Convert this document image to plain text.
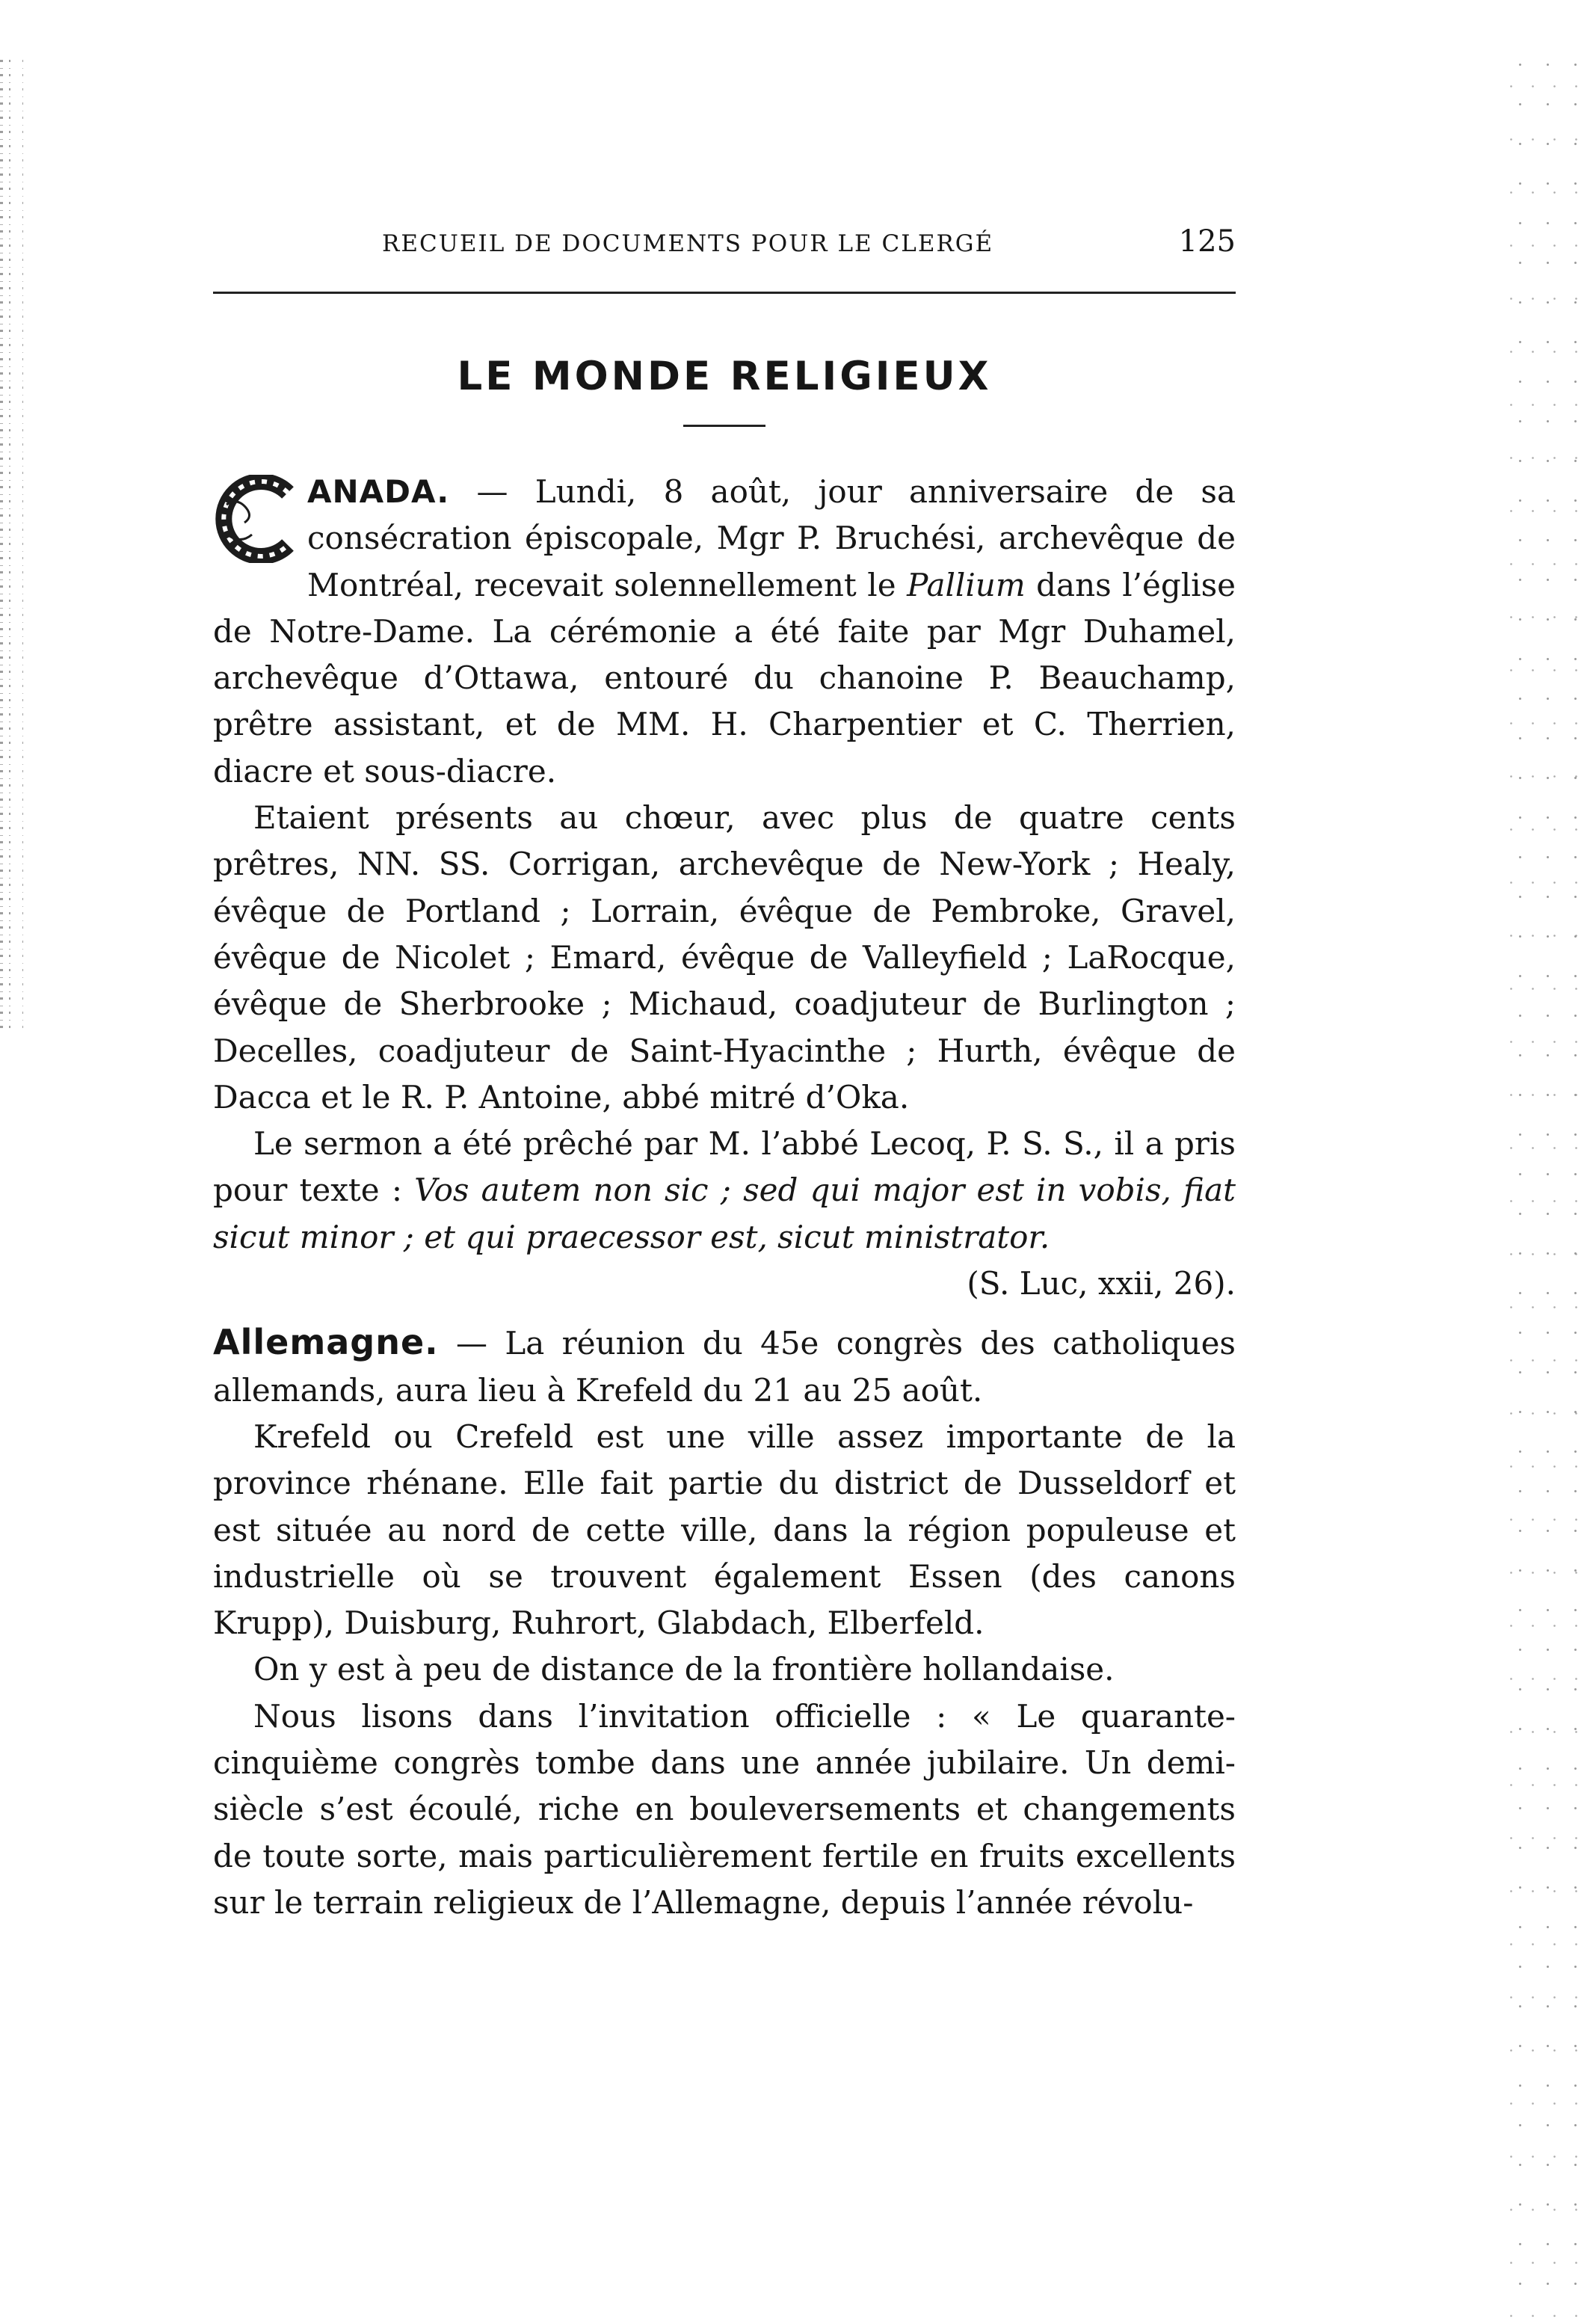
RECUEIL DE DOCUMENTS POUR LE CLERGÉ	125
LE MONDE RELIGIEUX

C	ANADA. — Lundi, 8 août, jour anniversaire de sa consécration épiscopale, Mgr P. Bruchési, archevêque de Montréal, recevait solennellement le Pallium dans l’église de Notre-Dame. La cérémonie a été faite par Mgr Duhamel, archevêque d’Ottawa, entouré du chanoine P. Beauchamp, prêtre assistant, et de MM. H. Charpentier et C. Therrien, diacre et sous-diacre.

Etaient présents au chœur, avec plus de quatre cents prêtres, NN. SS. Corrigan, archevêque de New-York ; Healy, évêque de Portland ; Lorrain, évêque de Pembroke, Gravel, évêque de Nicolet ; Emard, évêque de Valleyfield ; LaRocque, évêque de Sherbrooke ; Michaud, coadjuteur de Burlington ; Decelles, coadjuteur de Saint-Hyacinthe ; Hurth, évêque de Dacca et le R. P. Antoine, abbé mitré d’Oka.

Le sermon a été prêché par M. l’abbé Lecoq, P. S. S., il a pris pour texte : Vos autem non sic ; sed qui major est in vobis, fiat sicut minor ; et qui praecessor est, sicut ministrator.

(S. Luc, xxii, 26).

Allemagne. — La réunion du 45e congrès des catholiques allemands, aura lieu à Krefeld du 21 au 25 août.

Krefeld ou Crefeld est une ville assez importante de la province rhénane. Elle fait partie du district de Dusseldorf et est située au nord de cette ville, dans la région populeuse et industrielle où se trouvent également Essen (des canons Krupp), Duisburg, Ruhrort, Glabdach, Elberfeld.

On y est à peu de distance de la frontière hollandaise.

Nous lisons dans l’invitation officielle : « Le quarante-cinquième congrès tombe dans une année jubilaire. Un demi-siècle s’est écoulé, riche en bouleversements et changements de toute sorte, mais particulièrement fertile en fruits excellents sur le terrain religieux de l’Allemagne, depuis l’année révolu-
